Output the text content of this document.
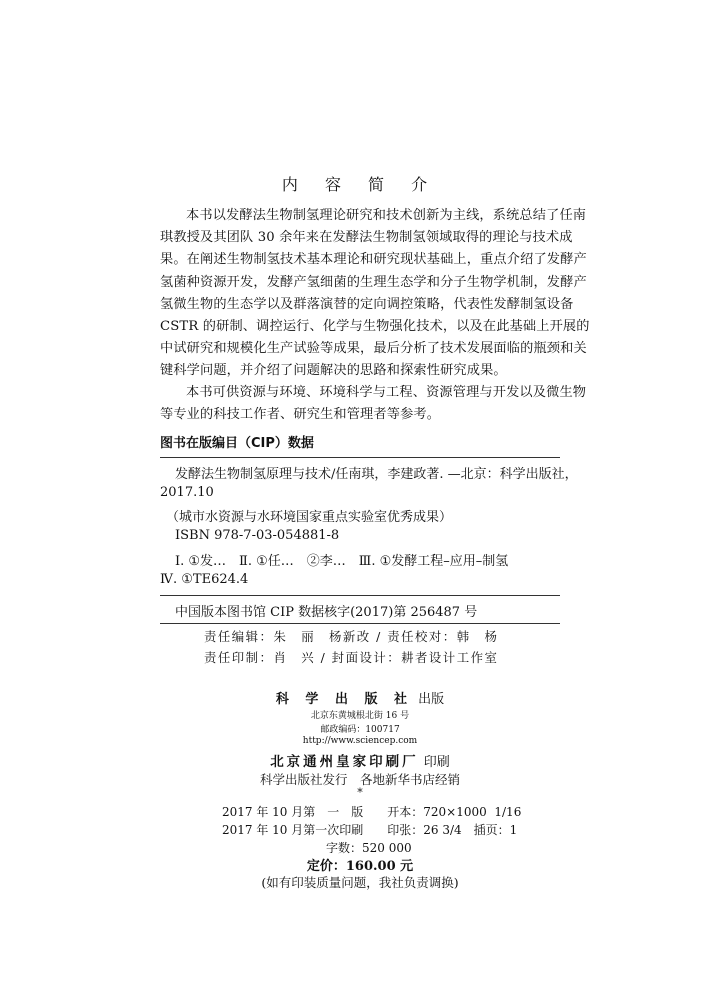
内 容 简 介
本书以发酵法生物制氢理论研究和技术创新为主线，系统总结了任南
琪教授及其团队 30 余年来在发酵法生物制氢领域取得的理论与技术成
果。在阐述生物制氢技术基本理论和研究现状基础上，重点介绍了发酵产
氢菌种资源开发，发酵产氢细菌的生理生态学和分子生物学机制，发酵产
氢微生物的生态学以及群落演替的定向调控策略，代表性发酵制氢设备
CSTR 的研制、调控运行、化学与生物强化技术，以及在此基础上开展的
中试研究和规模化生产试验等成果，最后分析了技术发展面临的瓶颈和关
键科学问题，并介绍了问题解决的思路和探索性研究成果。
本书可供资源与环境、环境科学与工程、资源管理与开发以及微生物
等专业的科技工作者、研究生和管理者等参考。
图书在版编目（CIP）数据
发酵法生物制氢原理与技术/任南琪，李建政著. —北京：科学出版社，
2017.10
（城市水资源与水环境国家重点实验室优秀成果）
ISBN 978-7-03-054881-8
Ⅰ. ①发…　Ⅱ. ①任…　②李…　Ⅲ. ①发酵工程–应用–制氢
Ⅳ. ①TE624.4
中国版本图书馆 CIP 数据核字(2017)第 256487 号
责任编辑：朱　丽　杨新改 / 责任校对：韩　杨
责任印制：肖　兴 / 封面设计：耕者设计工作室
科 学 出 版 社 出版
北京东黄城根北街 16 号
邮政编码：100717
http://www.sciencep.com
北京通州皇家印刷厂 印刷
科学出版社发行　各地新华书店经销
*
2017 年 10 月第　一　版　　开本：720×1000  1/16
2017 年 10 月第一次印刷　　印张：26 3/4　插页：1
字数：520 000
定价：160.00 元
(如有印装质量问题，我社负责调换)
